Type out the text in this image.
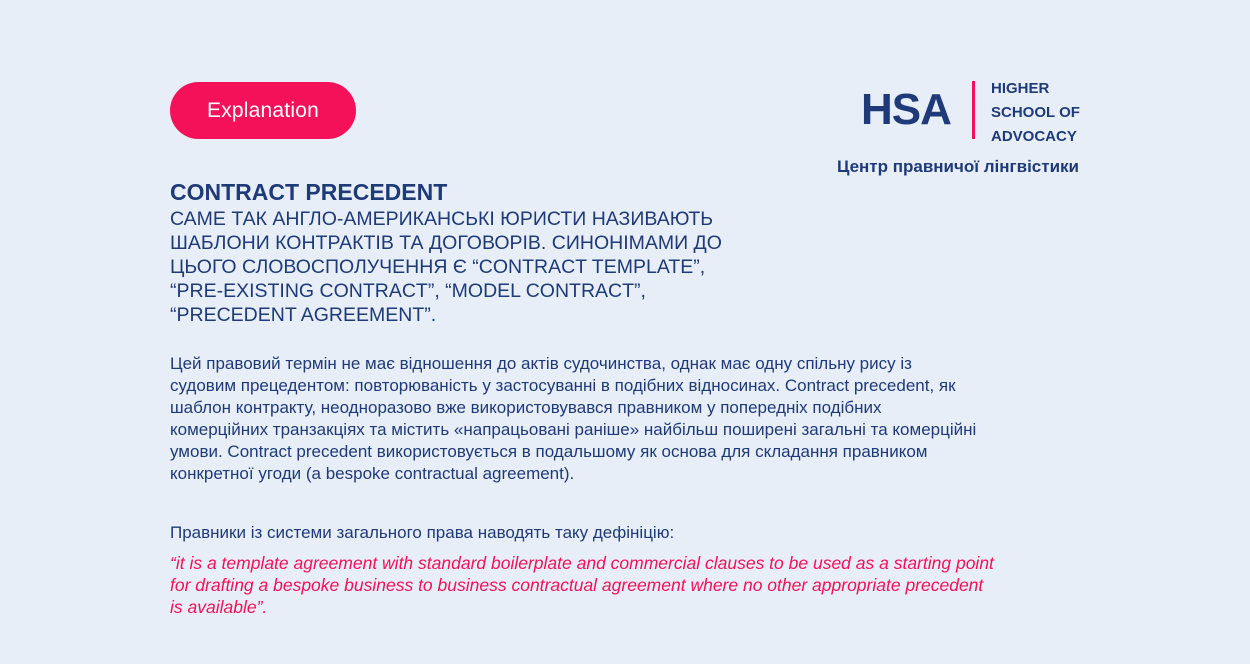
Explanation	HSA	HIGHER
SCHOOL OF
ADVOCACY
Центр правничої лінгвістики
CONTRACT PRECEDENT
САМЕ ТАК АНГЛО-АМЕРИКАНСЬКІ ЮРИСТИ НАЗИВАЮТЬ
ШАБЛОНИ КОНТРАКТІВ ТА ДОГОВОРІВ. СИНОНІМАМИ ДО
ЦЬОГО СЛОВОСПОЛУЧЕННЯ Є “CONTRACT TEMPLATE”,
“PRE-EXISTING CONTRACT”, “MODEL CONTRACT”,
“PRECEDENT AGREEMENT”.
Цей правовий термін не має відношення до актів судочинства, однак має одну спільну рису із
судовим прецедентом: повторюваність у застосуванні в подібних відносинах. Contract precedent, як
шаблон контракту, неодноразово вже використовувався правником у попередніх подібних
комерційних транзакціях та містить «напрацьовані раніше» найбільш поширені загальні та комерційні
умови. Contract precedent використовується в подальшому як основа для складання правником
конкретної угоди (a bespoke contractual agreement).
Правники із системи загального права наводять таку дефініцію:
“it is a template agreement with standard boilerplate and commercial clauses to be used as a starting point
for drafting a bespoke business to business contractual agreement where no other appropriate precedent
is available”.
